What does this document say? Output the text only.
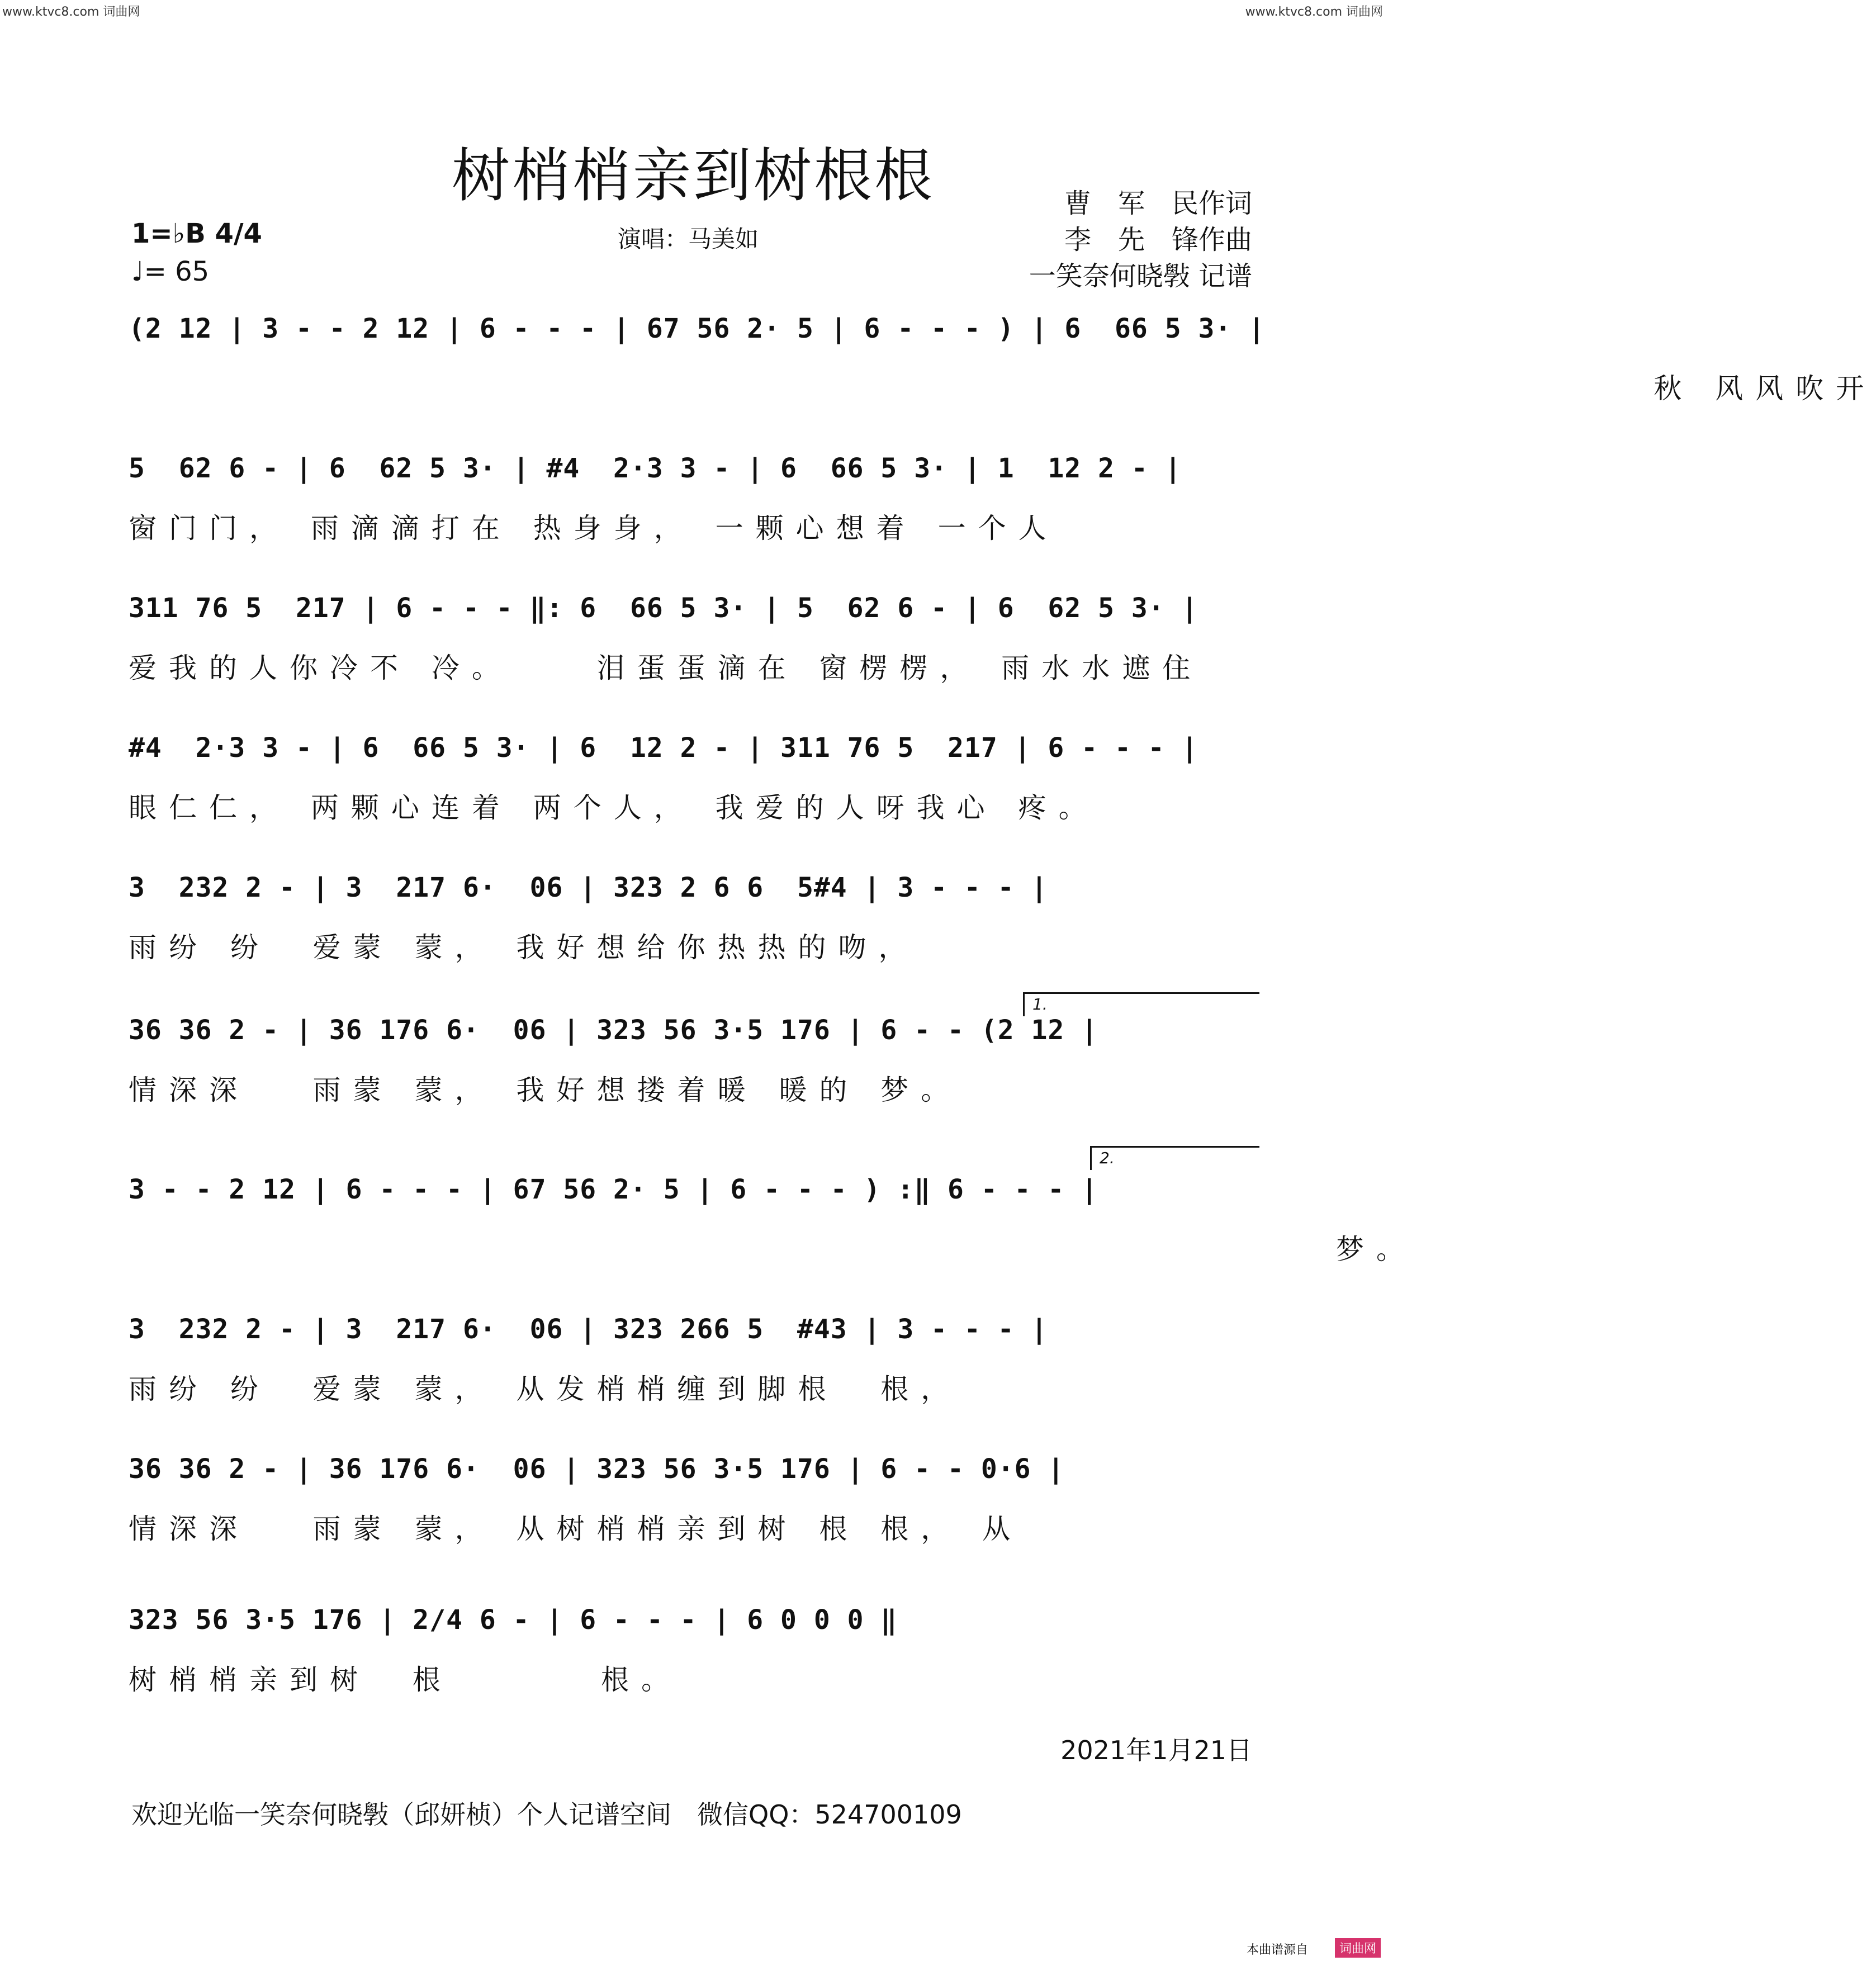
www.ktvc8.com 词曲网	www.ktvc8.com 词曲网
树梢梢亲到树根根	曹　军　民作词
李　先　锋作曲
一笑奈何晓斅 记谱
1=♭B 4/4
♩= 65
演唱：马美如
(2 12 | 3 - - 2 12 | 6 - - - | 67 56 2· 5 | 6 - - - ) | 6  66 5 3· |
秋 风风吹开
5  62 6 - | 6  62 5 3· | #4  2·3 3 - | 6  66 5 3· | 1  12 2 - |
窗门门， 雨滴滴打在 热身身， 一颗心想着 一个人
311 76 5  217 | 6 - - - ‖: 6  66 5 3· | 5  62 6 - | 6  62 5 3· |
爱我的人你冷不 冷。    泪蛋蛋滴在 窗楞楞， 雨水水遮住
#4  2·3 3 - | 6  66 5 3· | 6  12 2 - | 311 76 5  217 | 6 - - - |
眼仁仁， 两颗心连着 两个人， 我爱的人呀我心 疼。
3  232 2 - | 3  217 6·  06 | 323 2 6 6  5#4 | 3 - - - |
雨纷 纷  爱蒙 蒙， 我好想给你热热的吻，
1.
36 36 2 - | 36 176 6·  06 | 323 56 3·5 176 | 6 - - (2 12 |
情深深   雨蒙 蒙， 我好想搂着暖 暖的 梦。
2.
3 - - 2 12 | 6 - - - | 67 56 2· 5 | 6 - - - ) :‖ 6 - - - |
梦。
3  232 2 - | 3  217 6·  06 | 323 266 5  #43 | 3 - - - |
雨纷 纷  爱蒙 蒙， 从发梢梢缠到脚根  根，
36 36 2 - | 36 176 6·  06 | 323 56 3·5 176 | 6 - - 0·6 |
情深深   雨蒙 蒙， 从树梢梢亲到树 根 根， 从
323 56 3·5 176 | 2/4 6 - | 6 - - - | 6 0 0 0 ‖
树梢梢亲到树  根       根。
2021年1月21日
欢迎光临一笑奈何晓斅（邱妍桢）个人记谱空间　微信QQ：524700109
本曲谱源自	词曲网
